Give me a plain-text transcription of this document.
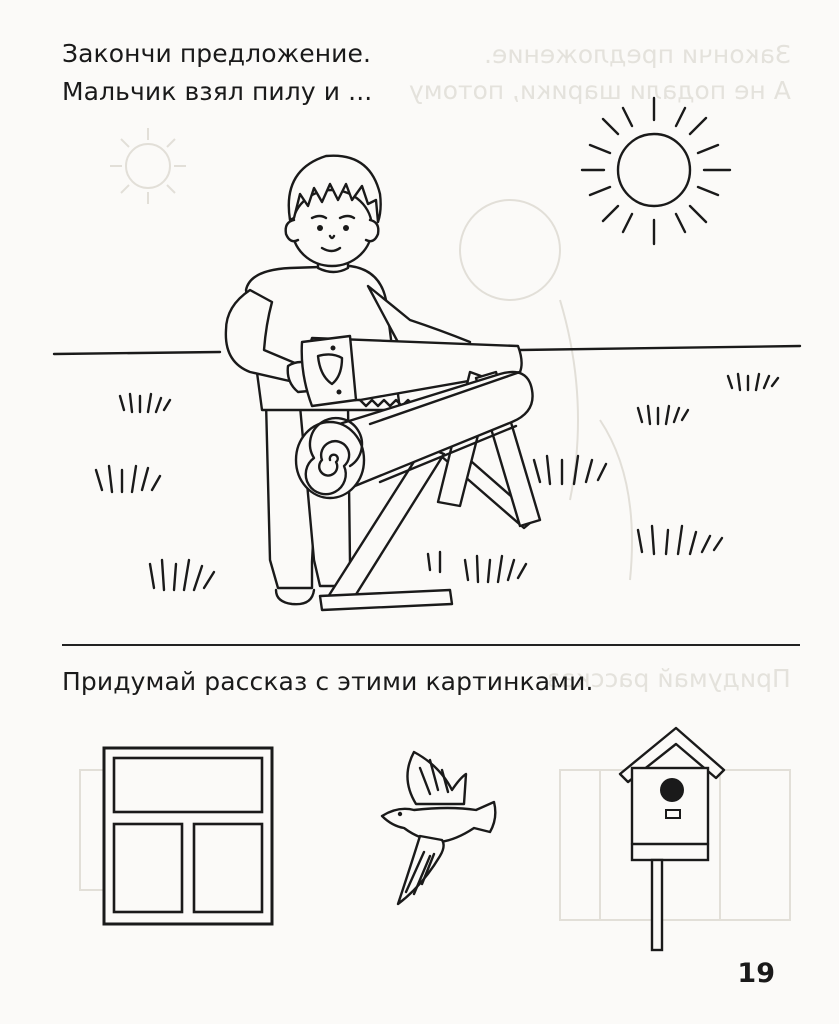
Закончи предложение.
А не подали шарики, потому
Придумай рассказ
Закончи предложение.
Мальчик взял пилу и ...
Придумай рассказ с этими картинками.
19
